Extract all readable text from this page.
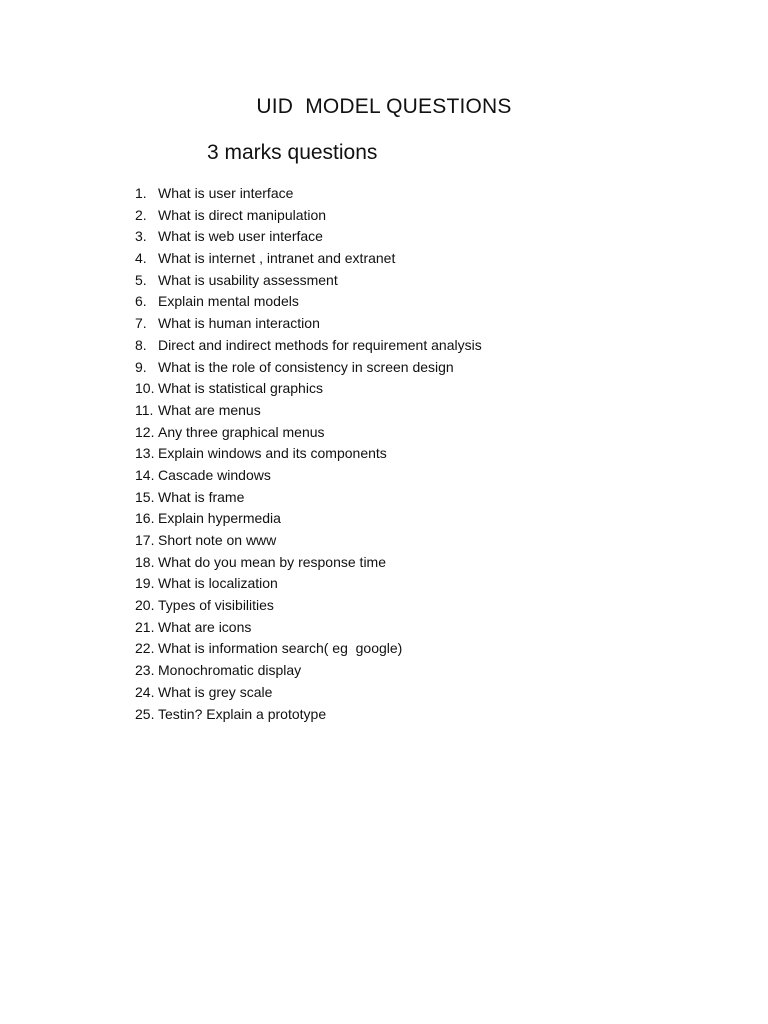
UID  MODEL QUESTIONS
3 marks questions
1. What is user interface
2. What is direct manipulation
3. What is web user interface
4. What is internet , intranet and extranet
5. What is usability assessment
6. Explain mental models
7. What is human interaction
8. Direct and indirect methods for requirement analysis
9. What is the role of consistency in screen design
10. What is statistical graphics
11. What are menus
12. Any three graphical menus
13. Explain windows and its components
14. Cascade windows
15. What is frame
16. Explain hypermedia
17. Short note on www
18. What do you mean by response time
19. What is localization
20. Types of visibilities
21. What are icons
22. What is information search( eg  google)
23. Monochromatic display
24. What is grey scale
25. Testin? Explain a prototype
